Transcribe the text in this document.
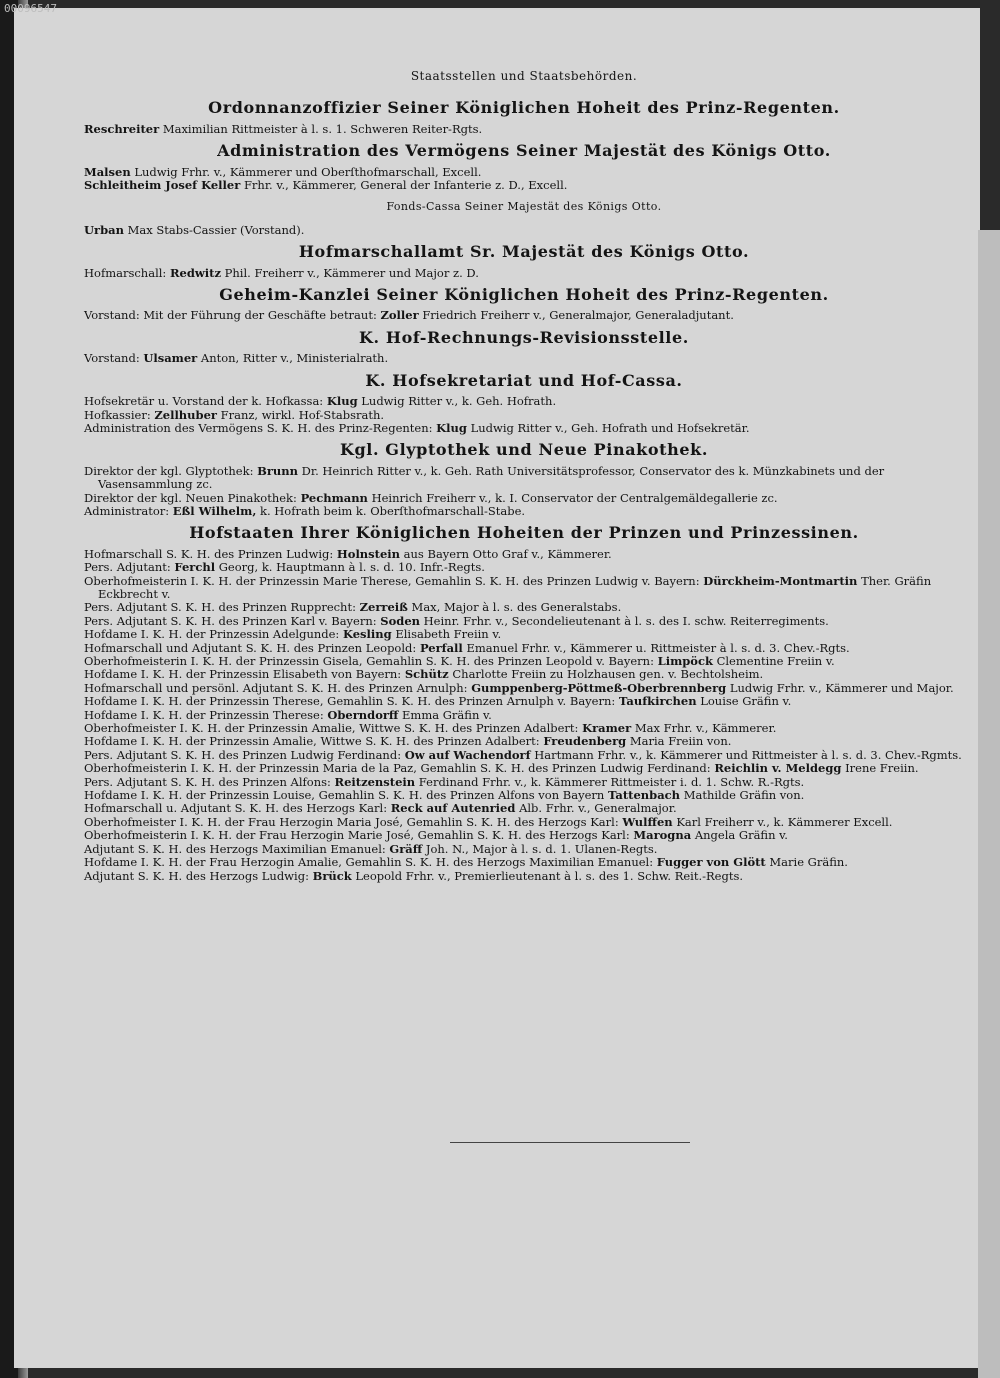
00096547
Staatsstellen und Staatsbehörden.
Ordonnanzoffizier Seiner Königlichen Hoheit des Prinz-Regenten.
Reschreiter Maximilian Rittmeister à l. s. 1. Schweren Reiter-Rgts.
Administration des Vermögens Seiner Majestät des Königs Otto.
Malsen Ludwig Frhr. v., Kämmerer und Oberſthofmarschall, Excell.
Schleitheim Josef Keller Frhr. v., Kämmerer, General der Infanterie z. D., Excell.
Fonds-Cassa Seiner Majestät des Königs Otto.
Urban Max Stabs-Cassier (Vorstand).
Hofmarschallamt Sr. Majestät des Königs Otto.
Hofmarschall: Redwitz Phil. Freiherr v., Kämmerer und Major z. D.
Geheim-Kanzlei Seiner Königlichen Hoheit des Prinz-Regenten.
Vorstand: Mit der Führung der Geschäfte betraut: Zoller Friedrich Freiherr v., Generalmajor, Generaladjutant.
K. Hof-Rechnungs-Revisionsstelle.
Vorstand: Ulsamer Anton, Ritter v., Ministerialrath.
K. Hofsekretariat und Hof-Cassa.
Hofsekretär u. Vorstand der k. Hofkassa: Klug Ludwig Ritter v., k. Geh. Hofrath.
Hofkassier: Zellhuber Franz, wirkl. Hof-Stabsrath.
Administration des Vermögens S. K. H. des Prinz-Regenten: Klug Ludwig Ritter v., Geh. Hofrath und Hofsekretär.
Kgl. Glyptothek und Neue Pinakothek.
Direktor der kgl. Glyptothek: Brunn Dr. Heinrich Ritter v., k. Geh. Rath Universitätsprofessor, Conservator des k. Münzkabinets und der Vasensammlung zc.
Direktor der kgl. Neuen Pinakothek: Pechmann Heinrich Freiherr v., k. I. Conservator der Centralgemäldegallerie zc.
Administrator: Eßl Wilhelm, k. Hofrath beim k. Oberſthofmarschall-Stabe.
Hofstaaten Ihrer Königlichen Hoheiten der Prinzen und Prinzessinen.
Hofmarschall S. K. H. des Prinzen Ludwig: Holnstein aus Bayern Otto Graf v., Kämmerer.
Pers. Adjutant: Ferchl Georg, k. Hauptmann à l. s. d. 10. Infr.-Regts.
Oberhofmeisterin I. K. H. der Prinzessin Marie Therese, Gemahlin S. K. H. des Prinzen Ludwig v. Bayern: Dürckheim-Montmartin Ther. Gräfin Eckbrecht v.
Pers. Adjutant S. K. H. des Prinzen Rupprecht: Zerreiß Max, Major à l. s. des Generalstabs.
Pers. Adjutant S. K. H. des Prinzen Karl v. Bayern: Soden Heinr. Frhr. v., Secondelieutenant à l. s. des I. schw. Reiterregiments.
Hofdame I. K. H. der Prinzessin Adelgunde: Kesling Elisabeth Freiin v.
Hofmarschall und Adjutant S. K. H. des Prinzen Leopold: Perfall Emanuel Frhr. v., Kämmerer u. Rittmeister à l. s. d. 3. Chev.-Rgts.
Oberhofmeisterin I. K. H. der Prinzessin Gisela, Gemahlin S. K. H. des Prinzen Leopold v. Bayern: Limpöck Clementine Freiin v.
Hofdame I. K. H. der Prinzessin Elisabeth von Bayern: Schütz Charlotte Freiin zu Holzhausen gen. v. Bechtolsheim.
Hofmarschall und persönl. Adjutant S. K. H. des Prinzen Arnulph: Gumppenberg-Pöttmeß-Oberbrennberg Ludwig Frhr. v., Kämmerer und Major.
Hofdame I. K. H. der Prinzessin Therese, Gemahlin S. K. H. des Prinzen Arnulph v. Bayern: Taufkirchen Louise Gräfin v.
Hofdame I. K. H. der Prinzessin Therese: Oberndorff Emma Gräfin v.
Oberhofmeister I. K. H. der Prinzessin Amalie, Wittwe S. K. H. des Prinzen Adalbert: Kramer Max Frhr. v., Kämmerer.
Hofdame I. K. H. der Prinzessin Amalie, Wittwe S. K. H. des Prinzen Adalbert: Freudenberg Maria Freiin von.
Pers. Adjutant S. K. H. des Prinzen Ludwig Ferdinand: Ow auf Wachendorf Hartmann Frhr. v., k. Kämmerer und Rittmeister à l. s. d. 3. Chev.-Rgmts.
Oberhofmeisterin I. K. H. der Prinzessin Maria de la Paz, Gemahlin S. K. H. des Prinzen Ludwig Ferdinand: Reichlin v. Meldegg Irene Freiin.
Pers. Adjutant S. K. H. des Prinzen Alfons: Reitzenstein Ferdinand Frhr. v., k. Kämmerer Rittmeister i. d. 1. Schw. R.-Rgts.
Hofdame I. K. H. der Prinzessin Louise, Gemahlin S. K. H. des Prinzen Alfons von Bayern Tattenbach Mathilde Gräfin von.
Hofmarschall u. Adjutant S. K. H. des Herzogs Karl: Reck auf Autenried Alb. Frhr. v., Generalmajor.
Oberhofmeister I. K. H. der Frau Herzogin Maria José, Gemahlin S. K. H. des Herzogs Karl: Wulffen Karl Freiherr v., k. Kämmerer Excell.
Oberhofmeisterin I. K. H. der Frau Herzogin Marie José, Gemahlin S. K. H. des Herzogs Karl: Marogna Angela Gräfin v.
Adjutant S. K. H. des Herzogs Maximilian Emanuel: Gräff Joh. N., Major à l. s. d. 1. Ulanen-Regts.
Hofdame I. K. H. der Frau Herzogin Amalie, Gemahlin S. K. H. des Herzogs Maximilian Emanuel: Fugger von Glött Marie Gräfin.
Adjutant S. K. H. des Herzogs Ludwig: Brück Leopold Frhr. v., Premierlieutenant à l. s. des 1. Schw. Reit.-Regts.
